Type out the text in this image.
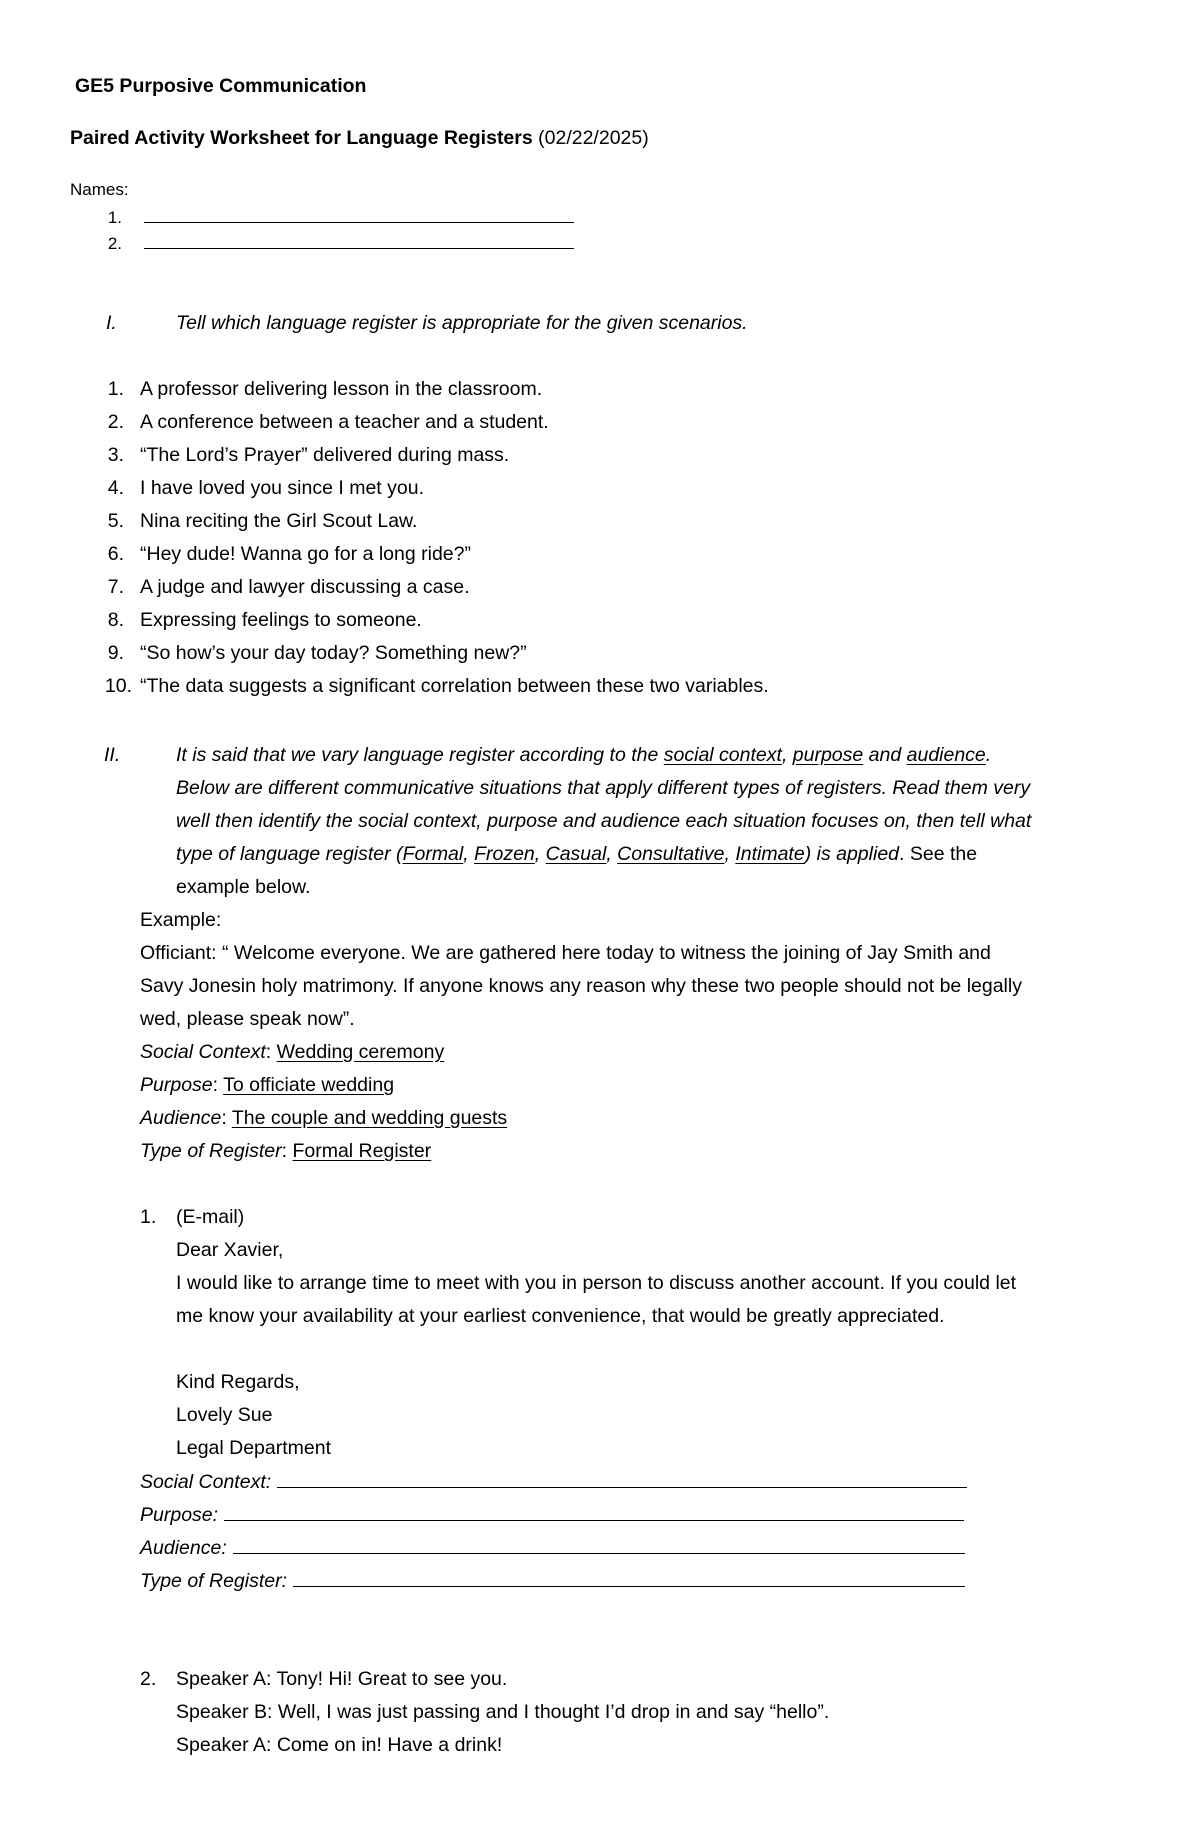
GE5 Purposive Communication
Paired Activity Worksheet for Language Registers (02/22/2025)
Names:
1.
2.
I.	Tell which language register is appropriate for the given scenarios.
1. A professor delivering lesson in the classroom.
2. A conference between a teacher and a student.
3. “The Lord’s Prayer” delivered during mass.
4. I have loved you since I met you.
5. Nina reciting the Girl Scout Law.
6. “Hey dude! Wanna go for a long ride?”
7. A judge and lawyer discussing a case.
8. Expressing feelings to someone.
9. “So how’s your day today? Something new?”
10. “The data suggests a significant correlation between these two variables.
II.	It is said that we vary language register according to the social context, purpose and audience.
Below are different communicative situations that apply different types of registers. Read them very
well then identify the social context, purpose and audience each situation focuses on, then tell what
type of language register (Formal, Frozen, Casual, Consultative, Intimate) is applied. See the
example below.
Example:
Officiant: “ Welcome everyone. We are gathered here today to witness the joining of Jay Smith and
Savy Jonesin holy matrimony. If anyone knows any reason why these two people should not be legally
wed, please speak now”.
Social Context: Wedding ceremony
Purpose: To officiate wedding
Audience: The couple and wedding guests
Type of Register: Formal Register
1. (E-mail)
Dear Xavier,
I would like to arrange time to meet with you in person to discuss another account. If you could let
me know your availability at your earliest convenience, that would be greatly appreciated.
Kind Regards,
Lovely Sue
Legal Department
Social Context:
Purpose:
Audience:
Type of Register:
2. Speaker A: Tony! Hi! Great to see you.
Speaker B: Well, I was just passing and I thought I’d drop in and say “hello”.
Speaker A: Come on in! Have a drink!
